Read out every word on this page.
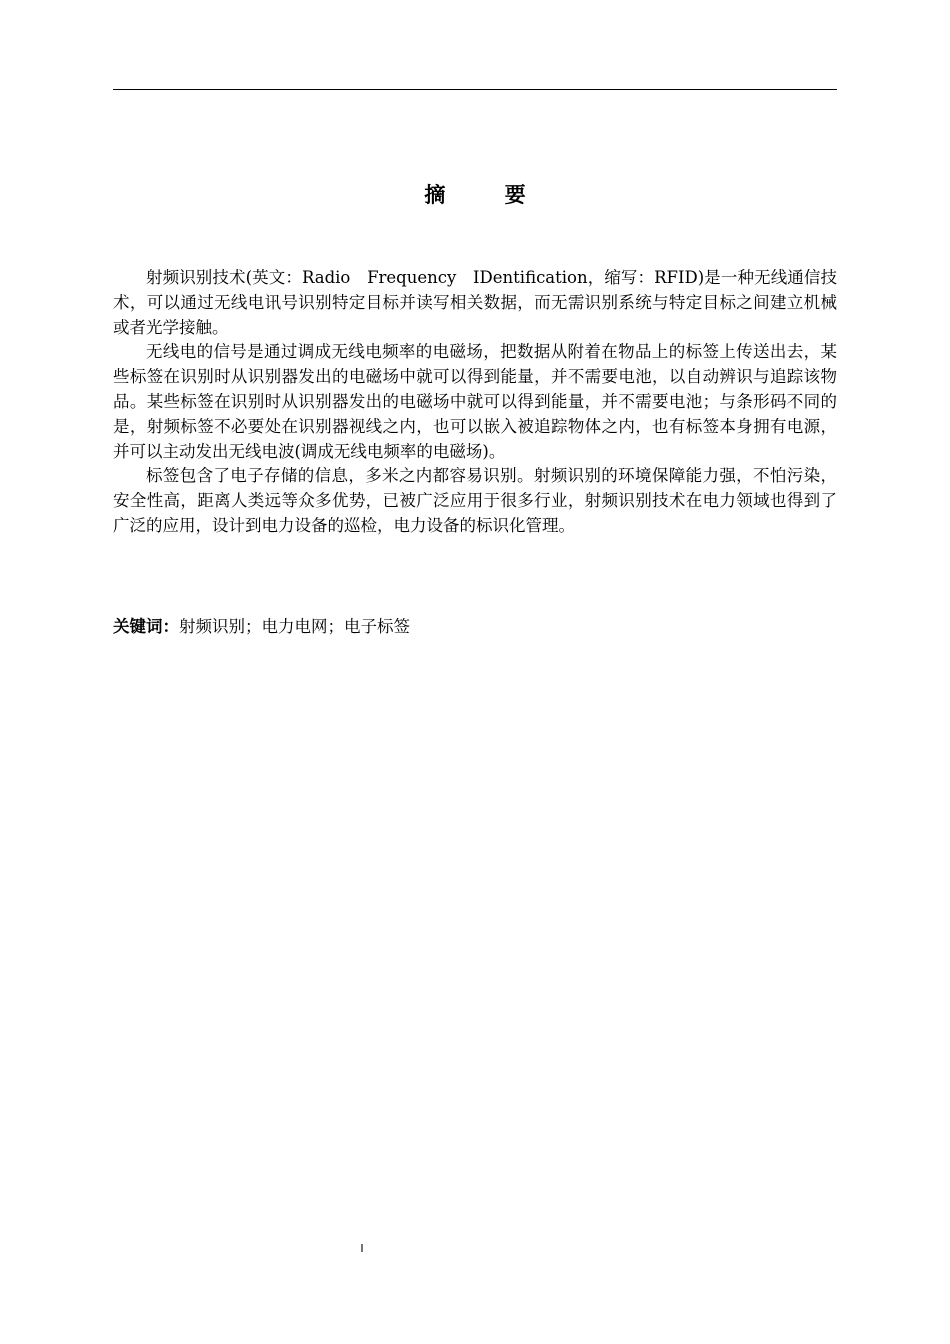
摘 要

射频识别技术(英文：Radio　Frequency　IDentification，缩写：RFID)是一种无线通信技术，可以通过无线电讯号识别特定目标并读写相关数据，而无需识别系统与特定目标之间建立机械或者光学接触。

无线电的信号是通过调成无线电频率的电磁场，把数据从附着在物品上的标签上传送出去，某些标签在识别时从识别器发出的电磁场中就可以得到能量，并不需要电池，以自动辨识与追踪该物品。某些标签在识别时从识别器发出的电磁场中就可以得到能量，并不需要电池；与条形码不同的是，射频标签不必要处在识别器视线之内，也可以嵌入被追踪物体之内，也有标签本身拥有电源，并可以主动发出无线电波(调成无线电频率的电磁场)。

标签包含了电子存储的信息，多米之内都容易识别。射频识别的环境保障能力强，不怕污染，安全性高，距离人类远等众多优势，已被广泛应用于很多行业，射频识别技术在电力领域也得到了广泛的应用，设计到电力设备的巡检，电力设备的标识化管理。

关键词：射频识别；电力电网；电子标签
I
